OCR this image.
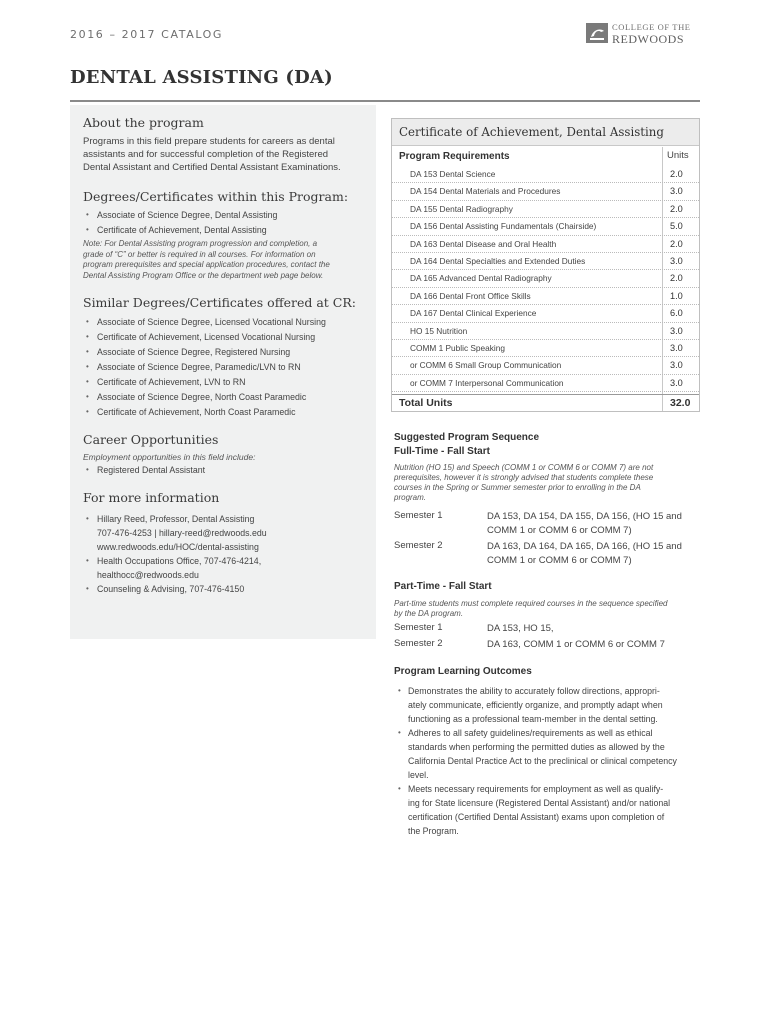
2016 – 2017 CATALOG
COLLEGE OF THE
REDWOODS
DENTAL ASSISTING (DA)
About the program
Programs in this field prepare students for careers as dental
assistants and for successful completion of the Registered
Dental Assistant and Certified Dental Assistant Examinations.
Degrees/Certificates within this Program:
• Associate of Science Degree, Dental Assisting
• Certificate of Achievement, Dental Assisting
Note: For Dental Assisting program progression and completion, a
grade of “C” or better is required in all courses. For information on
program prerequisites and special application procedures, contact the
Dental Assisting Program Office or the department web page below.
Similar Degrees/Certificates offered at CR:
• Associate of Science Degree, Licensed Vocational Nursing
• Certificate of Achievement, Licensed Vocational Nursing
• Associate of Science Degree, Registered Nursing
• Associate of Science Degree, Paramedic/LVN to RN
• Certificate of Achievement, LVN to RN
• Associate of Science Degree, North Coast Paramedic
• Certificate of Achievement, North Coast Paramedic
Career Opportunities
Employment opportunities in this field include:
• Registered Dental Assistant
For more information
• Hillary Reed, Professor, Dental Assisting
707-476-4253 | hillary-reed@redwoods.edu
www.redwoods.edu/HOC/dental-assisting
• Health Occupations Office, 707-476-4214,
healthocc@redwoods.edu
• Counseling & Advising, 707-476-4150
Certificate of Achievement, Dental Assisting
Program Requirements	Units
DA 153 Dental Science	2.0
DA 154 Dental Materials and Procedures	3.0
DA 155 Dental Radiography	2.0
DA 156 Dental Assisting Fundamentals (Chairside)	5.0
DA 163 Dental Disease and Oral Health	2.0
DA 164 Dental Specialties and Extended Duties	3.0
DA 165 Advanced Dental Radiography	2.0
DA 166 Dental Front Office Skills	1.0
DA 167 Dental Clinical Experience	6.0
HO 15 Nutrition	3.0
COMM 1 Public Speaking	3.0
or COMM 6 Small Group Communication	3.0
or COMM 7 Interpersonal Communication	3.0
Total Units	32.0
Suggested Program Sequence
Full-Time - Fall Start
Nutrition (HO 15) and Speech (COMM 1 or COMM 6 or COMM 7) are not
prerequisites, however it is strongly advised that students complete these
courses in the Spring or Summer semester prior to enrolling in the DA
program.
Semester 1	DA 153, DA 154, DA 155, DA 156, (HO 15 and
COMM 1 or COMM 6 or COMM 7)
Semester 2	DA 163, DA 164, DA 165, DA 166, (HO 15 and
COMM 1 or COMM 6 or COMM 7)
Part-Time - Fall Start
Part-time students must complete required courses in the sequence specified
by the DA program.
Semester 1	DA 153, HO 15,
Semester 2	DA 163, COMM 1 or COMM 6 or COMM 7
Program Learning Outcomes
• Demonstrates the ability to accurately follow directions, appropri-
ately communicate, efficiently organize, and promptly adapt when
functioning as a professional team-member in the dental setting.
• Adheres to all safety guidelines/requirements as well as ethical
standards when performing the permitted duties as allowed by the
California Dental Practice Act to the preclinical or clinical competency
level.
• Meets necessary requirements for employment as well as qualify-
ing for State licensure (Registered Dental Assistant) and/or national
certification (Certified Dental Assistant) exams upon completion of
the Program.
